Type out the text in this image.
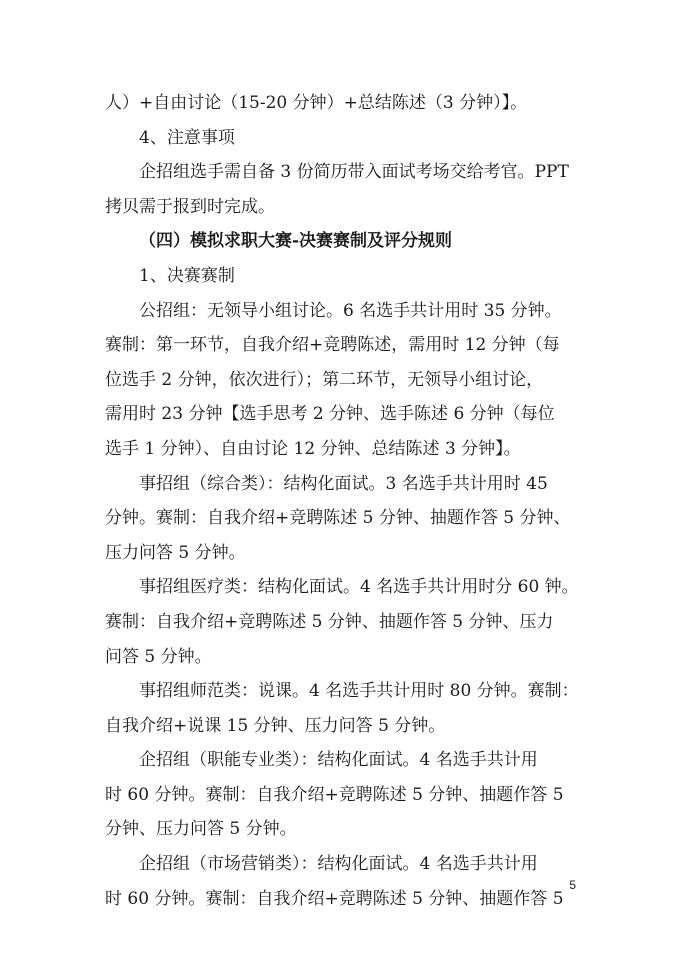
人）+自由讨论（15-20 分钟）+总结陈述（3 分钟）】。
4、注意事项
企招组选手需自备 3 份简历带入面试考场交给考官。PPT
拷贝需于报到时完成。
（四）模拟求职大赛-决赛赛制及评分规则
1、决赛赛制
公招组：无领导小组讨论。6 名选手共计用时 35 分钟。
赛制：第一环节，自我介绍+竞聘陈述，需用时 12 分钟（每
位选手 2 分钟，依次进行）；第二环节，无领导小组讨论，
需用时 23 分钟【选手思考 2 分钟、选手陈述 6 分钟（每位
选手 1 分钟）、自由讨论 12 分钟、总结陈述 3 分钟】。
事招组（综合类）：结构化面试。3 名选手共计用时 45
分钟。赛制：自我介绍+竞聘陈述 5 分钟、抽题作答 5 分钟、
压力问答 5 分钟。
事招组医疗类：结构化面试。4 名选手共计用时分 60 钟。
赛制：自我介绍+竞聘陈述 5 分钟、抽题作答 5 分钟、压力
问答 5 分钟。
事招组师范类：说课。4 名选手共计用时 80 分钟。赛制：
自我介绍+说课 15 分钟、压力问答 5 分钟。
企招组（职能专业类）：结构化面试。4 名选手共计用
时 60 分钟。赛制：自我介绍+竞聘陈述 5 分钟、抽题作答 5
分钟、压力问答 5 分钟。
企招组（市场营销类）：结构化面试。4 名选手共计用
时 60 分钟。赛制：自我介绍+竞聘陈述 5 分钟、抽题作答 5
5
